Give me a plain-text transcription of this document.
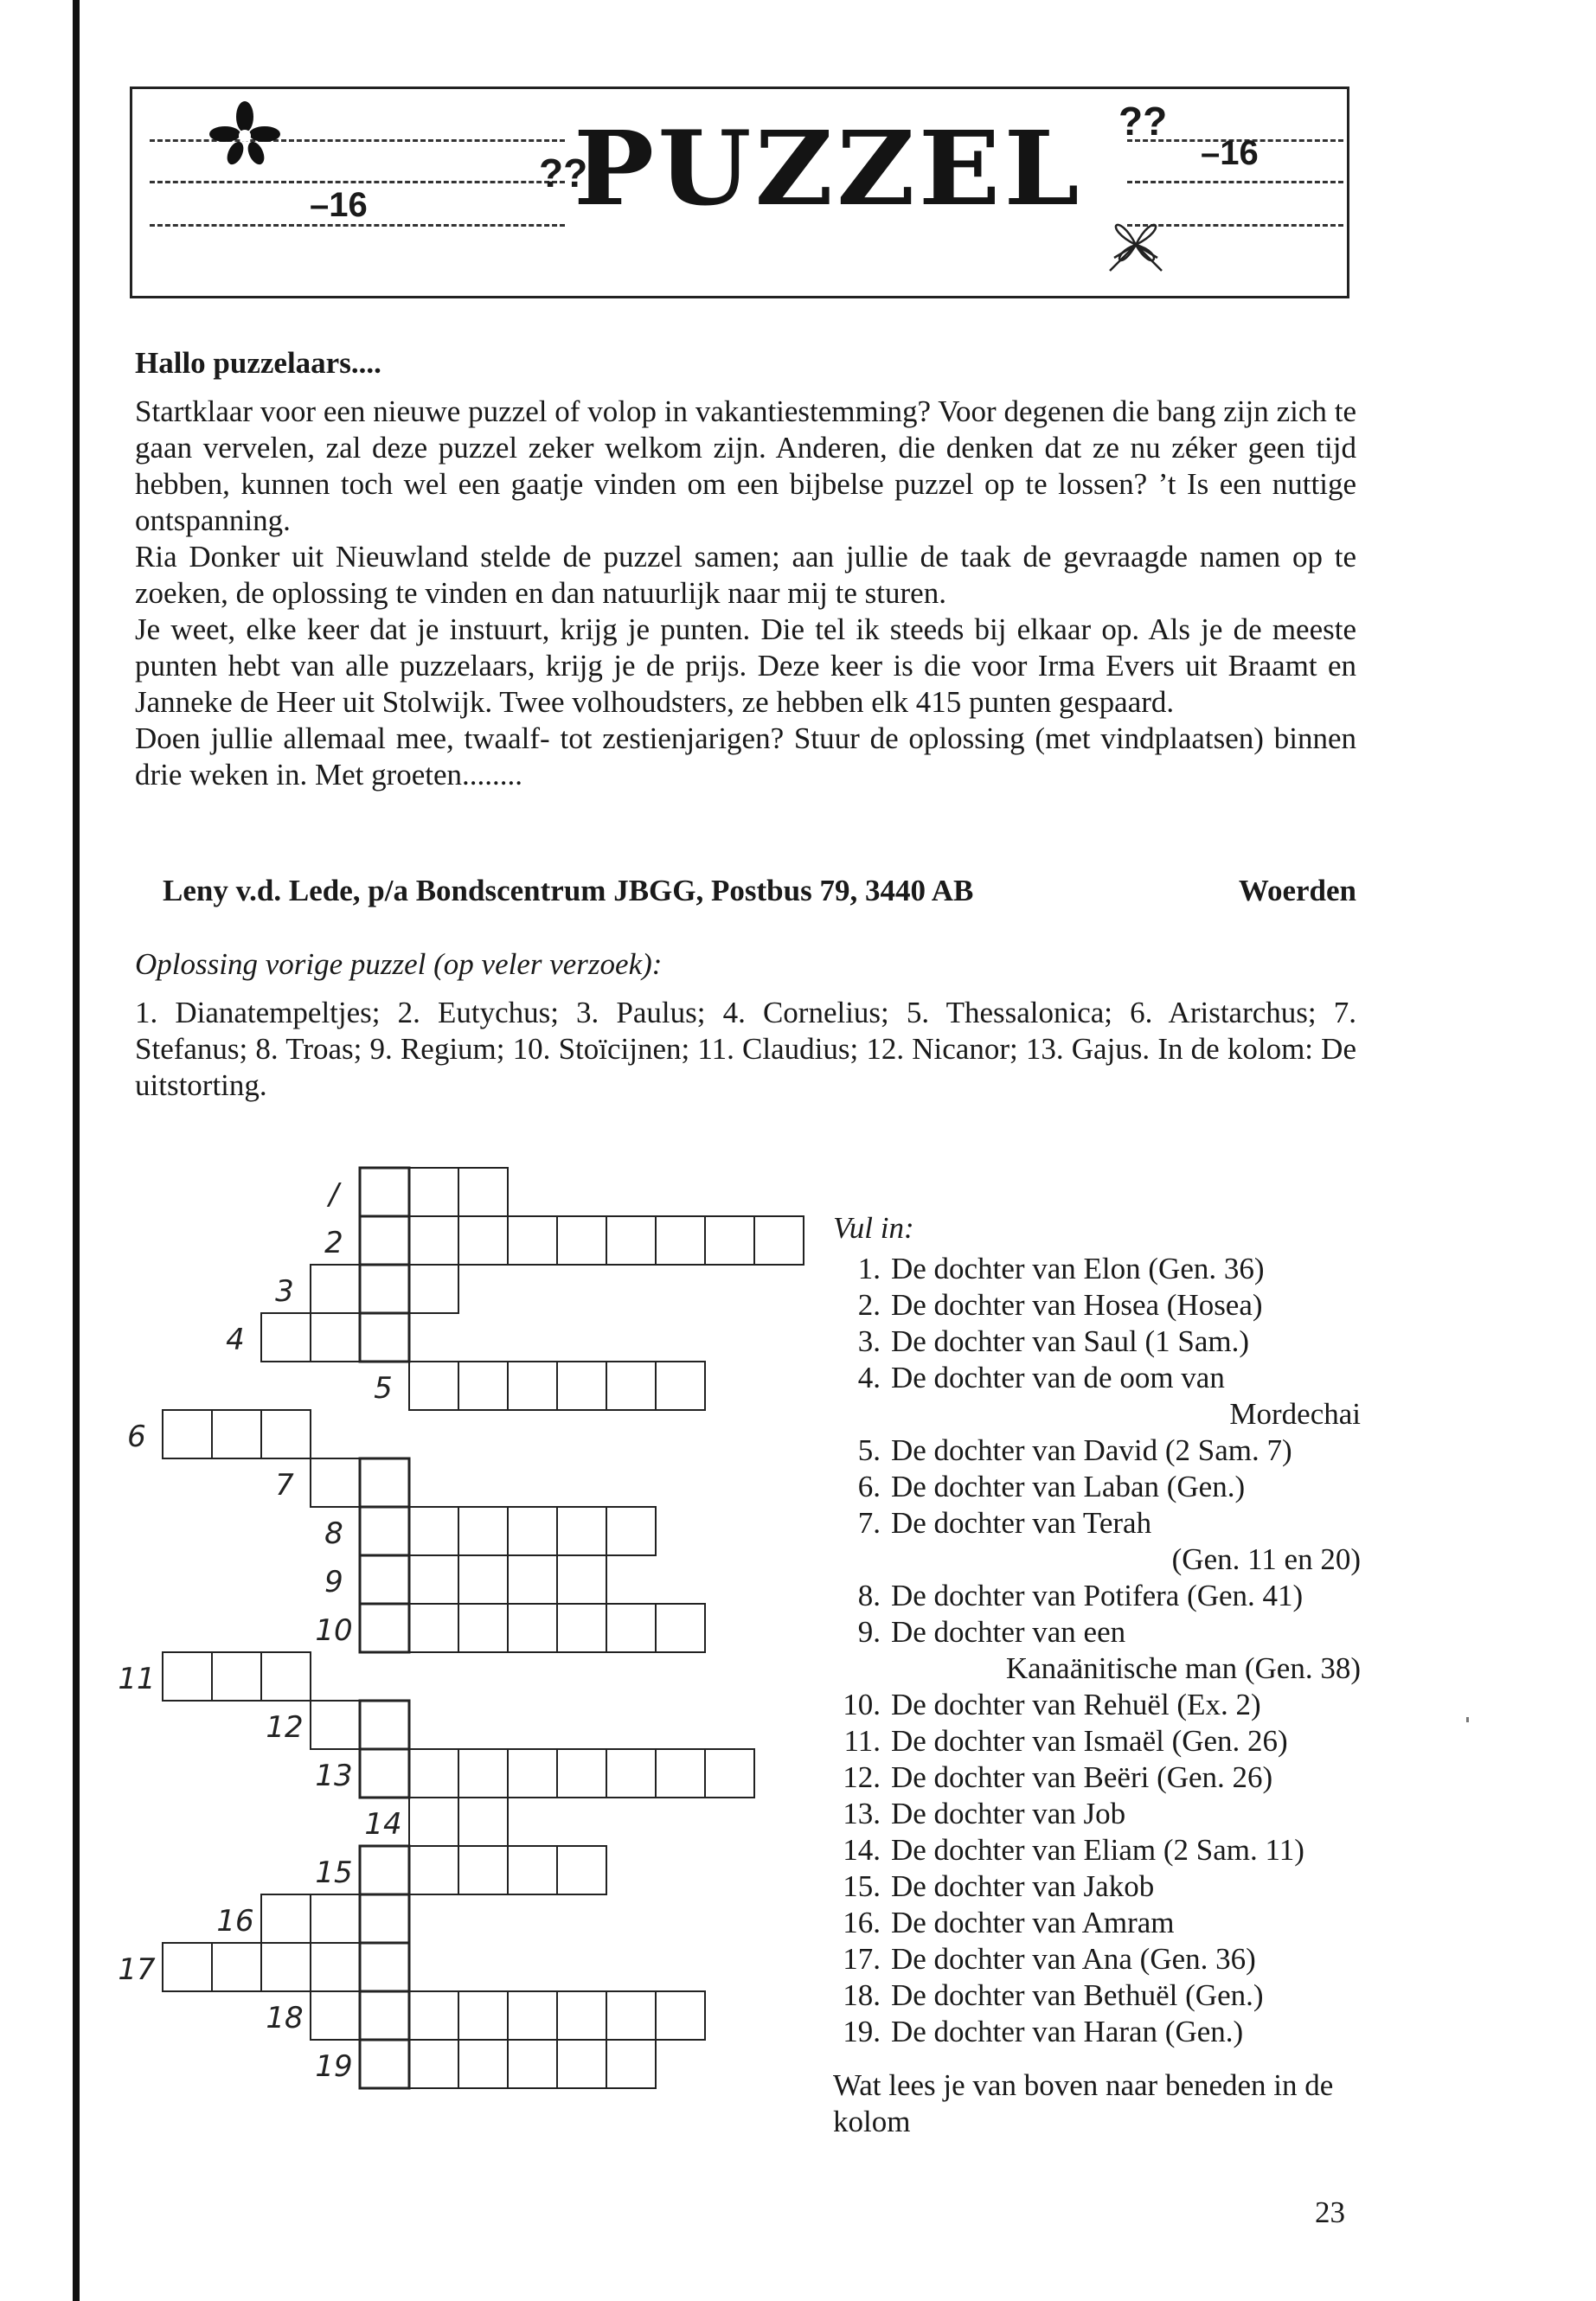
??
??
–16
–16
PUZZEL
Hallo puzzelaars....

Startklaar voor een nieuwe puzzel of volop in vakantiestemming? Voor degenen die bang zijn zich te gaan vervelen, zal deze puzzel zeker welkom zijn. Anderen, die denken dat ze nu zéker geen tijd hebben, kunnen toch wel een gaatje vinden om een bijbelse puzzel op te lossen? ’t Is een nuttige ontspanning.

Ria Donker uit Nieuwland stelde de puzzel samen; aan jullie de taak de gevraagde namen op te zoeken, de oplossing te vinden en dan natuurlijk naar mij te sturen.

Je weet, elke keer dat je instuurt, krijg je punten. Die tel ik steeds bij elkaar op. Als je de meeste punten hebt van alle puzzelaars, krijg je de prijs. Deze keer is die voor Irma Evers uit Braamt en Janneke de Heer uit Stolwijk. Twee volhoudsters, ze hebben elk 415 punten gespaard.

Doen jullie allemaal mee, twaalf- tot zestienjarigen? Stuur de oplossing (met vindplaatsen) binnen drie weken in. Met groeten........

Leny v.d. Lede, p/a Bondscentrum JBGG, Postbus 79, 3440 AB	Woerden
Oplossing vorige puzzel (op veler verzoek):
1. Dianatempeltjes; 2. Eutychus; 3. Paulus; 4. Cornelius; 5. Thessalonica; 6. Aristarchus; 7. Stefanus; 8. Troas; 9. Regium; 10. Stoïcijnen; 11. Claudius; 12. Nicanor; 13. Gajus. In de kolom: De uitstorting.
/
2
3
4
5
6
7
8
9
10
11
12
13
14
15
16
17
18
19
Vul in:
1. De dochter van Elon (Gen. 36)
2. De dochter van Hosea (Hosea)
3. De dochter van Saul (1 Sam.)
4. De dochter van de oom van
Mordechai
5. De dochter van David (2 Sam. 7)
6. De dochter van Laban (Gen.)
7. De dochter van Terah
(Gen. 11 en 20)
8. De dochter van Potifera (Gen. 41)
9. De dochter van een
Kanaänitische man (Gen. 38)
10. De dochter van Rehuël (Ex. 2)
11. De dochter van Ismaël (Gen. 26)
12. De dochter van Beëri (Gen. 26)
13. De dochter van Job
14. De dochter van Eliam (2 Sam. 11)
15. De dochter van Jakob
16. De dochter van Amram
17. De dochter van Ana (Gen. 36)
18. De dochter van Bethuël (Gen.)
19. De dochter van Haran (Gen.)
Wat lees je van boven naar beneden in de kolom
23
